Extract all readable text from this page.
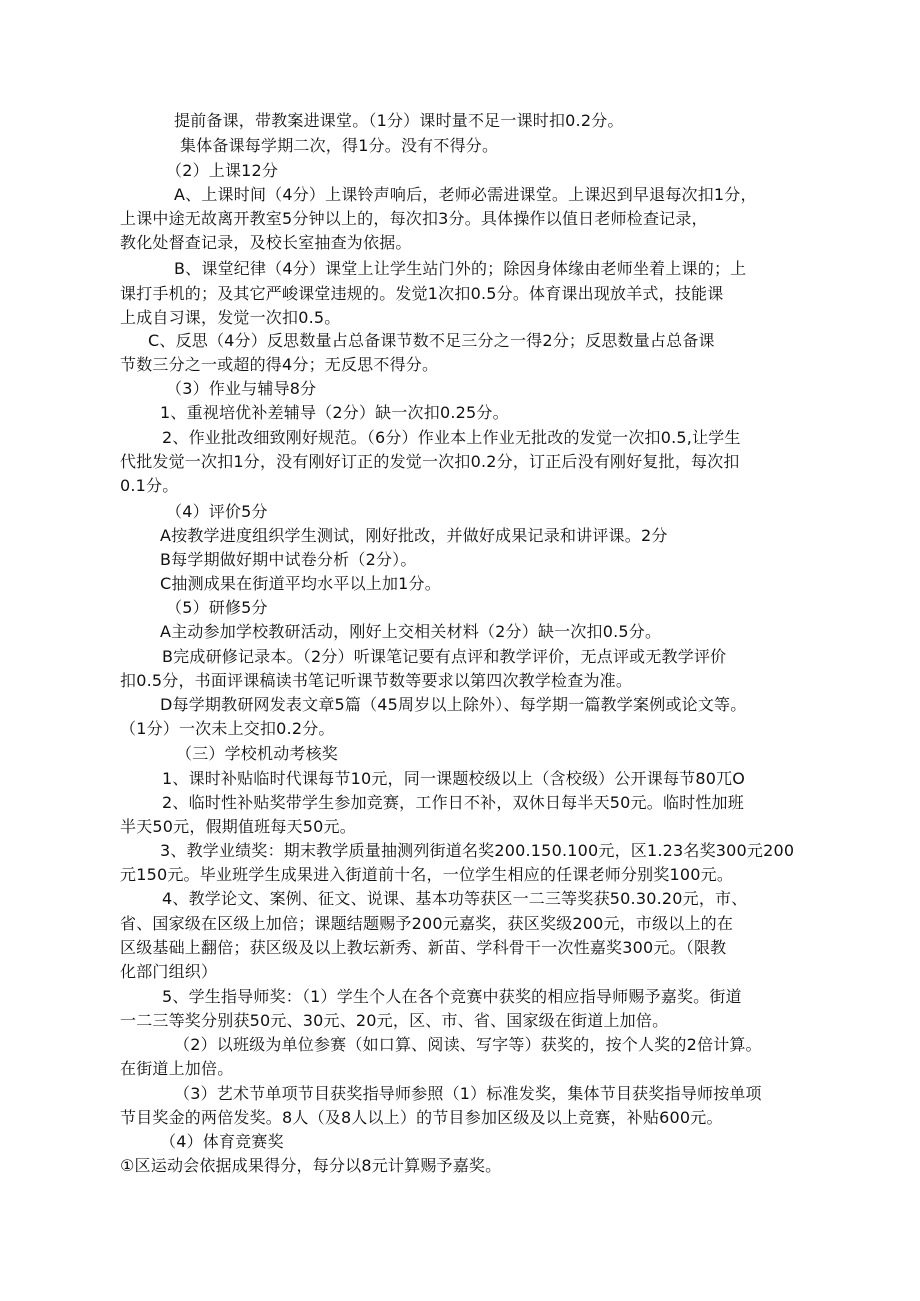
提前备课，带教案进课堂。（1分）课时量不足一课时扣0.2分。
集体备课每学期二次，得1分。没有不得分。
（2）上课12分
A、上课时间（4分）上课铃声响后，老师必需进课堂。上课迟到早退每次扣1分，
上课中途无故离开教室5分钟以上的，每次扣3分。具体操作以值日老师检查记录，
教化处督查记录，及校长室抽查为依据。
B、课堂纪律（4分）课堂上让学生站门外的；除因身体缘由老师坐着上课的；上
课打手机的；及其它严峻课堂违规的。发觉1次扣0.5分。体育课出现放羊式，技能课
上成自习课，发觉一次扣0.5。
C、反思（4分）反思数量占总备课节数不足三分之一得2分；反思数量占总备课
节数三分之一或超的得4分；无反思不得分。
（3）作业与辅导8分
1、重视培优补差辅导（2分）缺一次扣0.25分。
2、作业批改细致刚好规范。（6分）作业本上作业无批改的发觉一次扣0.5,让学生
代批发觉一次扣1分，没有刚好订正的发觉一次扣0.2分，订正后没有刚好复批，每次扣
0.1分。
（4）评价5分
A按教学进度组织学生测试，刚好批改，并做好成果记录和讲评课。2分
B每学期做好期中试卷分析（2分）。
C抽测成果在街道平均水平以上加1分。
（5）研修5分
A主动参加学校教研活动，刚好上交相关材料（2分）缺一次扣0.5分。
B完成研修记录本。（2分）听课笔记要有点评和教学评价，无点评或无教学评价
扣0.5分，书面评课稿读书笔记听课节数等要求以第四次教学检查为准。
D每学期教研网发表文章5篇（45周岁以上除外）、每学期一篇教学案例或论文等。
（1分）一次未上交扣0.2分。
（三）学校机动考核奖
1、课时补贴临时代课每节10元，同一课题校级以上（含校级）公开课每节80兀O
2、临时性补贴奖带学生参加竞赛，工作日不补，双休日每半天50元。临时性加班
半天50元，假期值班每天50元。
3、教学业绩奖：期末教学质量抽测列街道名奖200.150.100元，区1.23名奖300元200
元150元。毕业班学生成果进入街道前十名，一位学生相应的任课老师分别奖100元。
4、教学论文、案例、征文、说课、基本功等获区一二三等奖获50.30.20元，市、
省、国家级在区级上加倍；课题结题赐予200元嘉奖，获区奖级200元，市级以上的在
区级基础上翻倍；获区级及以上教坛新秀、新苗、学科骨干一次性嘉奖300元。（限教
化部门组织）
5、学生指导师奖：（1）学生个人在各个竞赛中获奖的相应指导师赐予嘉奖。街道
一二三等奖分别获50元、30元、20元，区、市、省、国家级在街道上加倍。
（2）以班级为单位参赛（如口算、阅读、写字等）获奖的，按个人奖的2倍计算。
在街道上加倍。
（3）艺术节单项节目获奖指导师参照（1）标准发奖，集体节目获奖指导师按单项
节目奖金的两倍发奖。8人（及8人以上）的节目参加区级及以上竞赛，补贴600元。
（4）体育竞赛奖
①区运动会依据成果得分，每分以8元计算赐予嘉奖。
